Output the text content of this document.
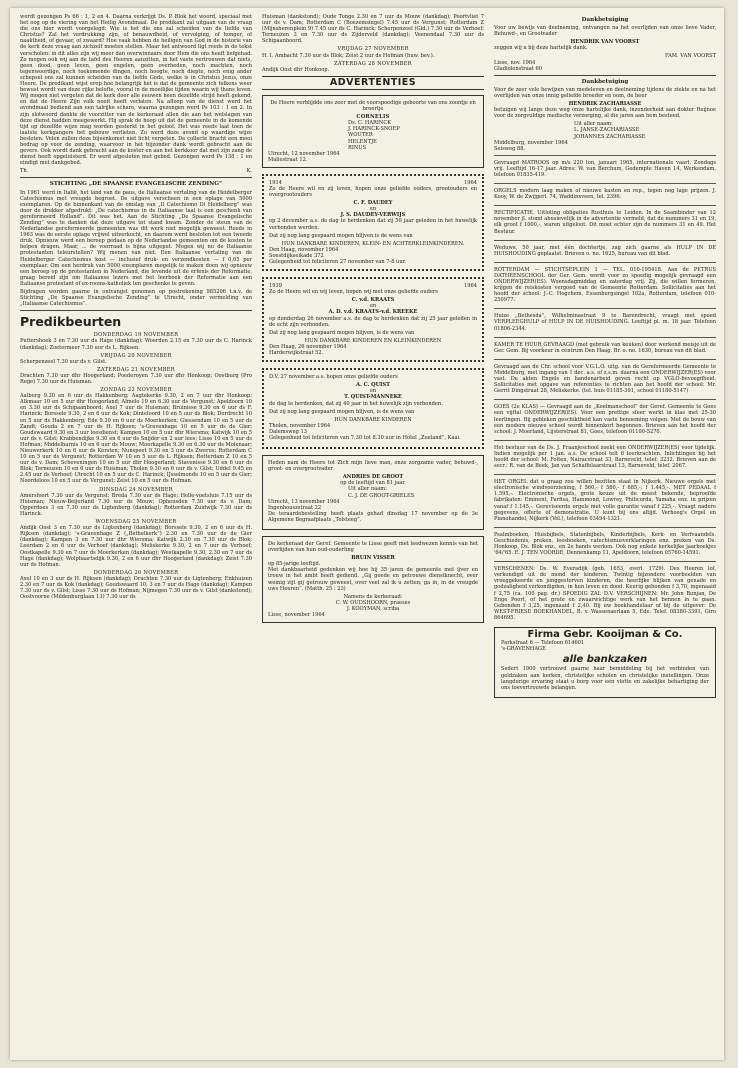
wordt gezongen Ps 66 : 1, 2 en 4. Daarna verkrijgt Ds. P. Blok het woord, speciaal met het oog op de viering van het Heilig Avondmaal. De predikant zal uitgaan van de vraag die ons hier wordt voorgelegd: Wie is het die ons zal scheiden van de liefde van Christus? Zal het verdrukking zijn, of benauwdheid, of vervolging, of honger, of naaktheid, of gevaar, of zwaard? Hoe vaak hebben de heiligen van God in de historie van de kerk deze vraag aan zichzelf moeten stellen. Maar het antwoord ligt reeds in de tekst verscholen: in dit alles zijn wij meer dan overwinnaars door Hem die ons heeft liefgehad. Zo mogen ook wij aan de tafel des Heeren aanzitten, in het vaste vertrouwen dat niets, geen dood, geen leven, geen engelen, geen overheden, noch machten, noch tegenwoordige, noch toekomende dingen, noch hoogte, noch diepte, noch enig ander schepsel ons zal kunnen scheiden van de liefde Gods, welke is in Christus Jezus, onze Heere. De predikant wijst erop hoe belangrijk het is dat de gemeente zich telkens weer bewust wordt van deze rijke belofte, vooral in de moeilijke tijden waarin wij thans leven. Wij mogen niet vergeten dat de kerk door alle eeuwen heen dezelfde strijd heeft gekend, en dat de Heere Zijn volk nooit heeft verlaten. Na afloop van de dienst werd het avondmaal bediend aan een talrijke schare, waarna gezongen werd Ps 103 : 1 en 2. In zijn slotwoord dankte de voorzitter van de kerkeraad allen die aan het welslagen van deze dienst hadden meegewerkt. Hij sprak de hoop uit dat de gemeente in de komende tijd op dezelfde wijze mag worden gesterkt in het geloof. Het was reeds laat toen de laatste kerkgangers het gebouw verlieten. Zo werd deze avond op waardige wijze besloten. Velen zullen deze bijeenkomst niet licht vergeten. De collecte bracht een mooi bedrag op voor de zending, waarvoor in het bijzonder dank wordt gebracht aan de gevers. Ook wordt dank gebracht aan de koster en aan het kerkkoor dat met zijn zang de dienst heeft opgeluisterd. Er werd afgesloten met gebed. Gezongen werd Ps 138 : 1 en eindigt met dankgebed.

Th.	K.
STICHTING „DE SPAANSE EVANGELISCHE ZENDING”

In 1961 werd in Italië, het land van de paus, de Italiaanse vertaling van de Heidelberger Catechismus met vreugde begroet. De uitgave verscheen in een oplage van 5000 exemplaren. Op de binnenkant van de omslag van „Il Catechismo Di Heidelberg” was door de drukker afgedrukt: „De catechismus in de Italiaanse taal is een geschenk van gereformeerd Holland”. Dit was het. Aan de Stichting „De Spaanse Evangelische Zending” was te danken dat deze uitgave tot stand kwam. Zonder de steun van de Nederlandse gereformeerde gemeenten was dit werk niet mogelijk geweest. Reeds in 1963 was de eerste oplage vrijwel uitverkocht, en daarom werd besloten tot een tweede druk. Opnieuw werd een beroep gedaan op de Nederlandse gemeenten om de kosten te helpen dragen. Maar, ... de voorraad is bijna uitgeput. Mogen wij nu de Italiaanse protestanten teleurstellen? Wij menen van niet. Een Italiaanse vertaling van de Heidelberger Catechismus kost — inclusief druk- en verzendkosten — f 0,65 per exemplaar. Om een herdruk van 5000 exemplaren mogelijk te maken doen wij opnieuw een beroep op de protestanten in Nederland, die levende uit de erfenis der Reformatie, graag bereid zijn om Italiaanse lezers met het leerboek der Reformatie aan een Italiaanse protestant of ex-rooms-katholiek ten geschenke te geven.

Bijdragen worden gaarne in ontvangst genomen op postrekening 985206 t.n.v. de Stichting „De Spaanse Evangelische Zending” te Utrecht, onder vermelding van „Italiaanse Catechismus”.

Predikbeurten
DONDERDAG 19 NOVEMBER

Puttershoek 3 en 7.30 uur ds Hage (dankdag); Woerden 2.15 en 7.30 uur ds C. Harinck (dankdag); Zoetermeer 7.30 uur ds L. Rijksen.

VRIJDAG 20 NOVEMBER

Scherpenzeel 7.30 uur ds v. Gilst.

ZATERDAG 21 NOVEMBER

Drachten 7.30 uur dhr Hoogerland; Poederoyen 7.30 uur dhr Honkoop; Oostburg (Pro Rege) 7.30 uur ds Huisman.

ZONDAG 22 NOVEMBER

Aalburg 9.30 en 6 uur ds Hakkenberg; Aagtekerke 9.30, 2 en 7 uur dhr Honkoop; Alkmaar 10 en 5 uur dhr Hoogerland; Almelo 10 en 6.30 uur ds Vergunst; Apeldoorn 10 en 3.30 uur ds Schipaanboord; Axel 7 uur ds Huisman; Bruinisse 9.30 en 6 uur ds F. Harinck; Borssele 9.30, 2 en 6 uur ds Kok; Dinteloord 10 en 5 uur ds Blok; Dordrecht 10 en 5 uur ds Hakkenberg; Ede 9.30 en 6 uur ds Moerkerken; Giessendam 10 en 5 uur ds Zandt; Gouda 2 en 7 uur ds H. Rijksen; 's-Gravenhage 10 en 5 uur ds de Gier; Goudswaard 9.30 en 3 uur leesdienst; Kampen 10 en 5 uur dhr Wiersma; Katwijk 10 en 5 uur ds v. Gilst; Krabbendijke 9.30 en 6 uur ds Snijder en 2 uur lees; Lisse 10 en 5 uur ds Hofman; Middelharnis 10 en 6 uur ds Mouw; Moerkapelle 9.30 en 6.30 uur ds Molenaar; Nieuwerkerk 10 en 6 uur ds Kersten; Nunspeet 9.30 en 3 uur ds Zwerus; Rotterdam C 10 en 5 uur ds Vergunst; Rotterdam W 10 en 5 uur ds L. Rijksen; Rotterdam Z 10 en 5 uur ds v. Dam; Scheveningen 10 en 5 uur dhr Hoogerland; Stavenisse 9.30 en 6 uur ds Blok; Terneuzen 10 en 6 uur ds Huisman; Tholen 9.30 en 6 uur ds v. Gilst; Uddel 9.45 en 2.45 uur ds Verhoef; Utrecht 10 en 5 uur ds C. Harinck; IJsselmonde 10 en 5 uur ds Gier; Noordeloos 10 en 5 uur ds Vergunst; Zeist 10 en 5 uur ds Hofman.

DINSDAG 24 NOVEMBER

Amersfoort 7.30 uur ds Vergunst; Breda 7.30 uur ds Hage; Helle-voetsluis 7.15 uur ds Huisman; Nieuw-Beijerland 7.30 uur ds Mouw; Opheusden 7.30 uur ds v. Dam; Opperdoes 3 en 7.30 uur ds Ligtenberg (dankdag); Rotterdam Zuidwijk 7.30 uur ds Harinck.

WOENSDAG 25 NOVEMBER

Andijk Oost 3 en 7.30 uur ds Ligtenberg (dankdag); Borssele 9.30, 2 en 6 uur ds H. Rijksen (dankdag); 's-Gravenhage Z („Bethelkerk”) 2.30 en 7.30 uur ds de Gier (dankdag); Kampen 3 en 7.30 uur dhr Wiersma; Katwijk 2.30 en 7.30 uur ds Blok; Leerdam 2 en 6 uur ds Verhoef (dankdag); Meliskerke 9.30, 2 en 7 uur ds Verhoef; Oostkapelle 9.30 en 7 uur ds Moerkerken (dankdag); Westkapelle 9.30, 2.30 en 7 uur ds Hage (dankdag); Wolphaartsdijk 9.30, 2 en 6 uur dhr Hoogerland (dankdag); Zeist 7.30 uur ds Hofman.

DONDERDAG 26 NOVEMBER

Axel 10 en 3 uur ds H. Rijksen (dankdag); Drachten 7.30 uur ds Ligtenberg; Enkhuizen 2.30 en 7 uur ds Kok (dankdag); Goudswaard 10, 3 en 7 uur ds Hage (dankdag); Kampen 7.30 uur ds v. Gilst; Lisse 7.30 uur ds Hofman; Nijmegen 7.30 uur ds v. Gilst (dankstond); Oostvoorne (Mildenburglaan 13) 7.30 uur ds

Huisman (dankstond); Oude Tonge 2.30 en 7 uur ds Mouw (dankdag); Poortvliet 7 uur ds v. Dam; Rotterdam C (Boezemsingel) 7.45 uur ds Vergunst; Rotterdam Z (Mijnsherenplein 9) 7.45 uur ds C. Harinck; Scherpenzeel (Gld.) 7.30 uur ds Verhoef; Terneuzen 3 en 7.30 uur ds Zijderveld (dankdag); Veenendaal 7.30 uur ds Schipaanboord.

VRIJDAG 27 NOVEMBER

H. I. Ambacht 7.30 uur ds Blok; Zeist 2 uur ds Hofman (huw. bev.).

ZATERDAG 28 NOVEMBER

Andijk Oost dhr Honkoop.

ADVERTENTIES

De Heere verblijdde ons zeer met de voorspoedige geboorte van ons zoontje en broertje

CORNELIS
Ds. C. HARINCK
J. HARINCK-SNOEP
WOUTER
HELENTJE
RINUS
Utrecht, 12 november 1964
Maliestraat 12.
1914	1964

Zo de Heere wil en zij leven, hopen onze geliefde ouders, grootouders en overgrootouders

C. F. DAUDEY
en
J. S. DAUDEY-VERWIJS

op 2 december a.s. de dag te herdenken dat zij 50 jaar geleden in het huwelijk verbonden werden.

Dat zij nog lang gespaard mogen blijven is de wens van

HUN DANKBARE KINDEREN, KLEIN- EN ACHTERKLEINKINDEREN.
Den Haag, november 1964
Soestdijkseikade 372
Gelegenheid tot feliciteren 27 november van 7-8 uur.
1939	1964

Zo de Heere wil en wij leven, hopen wij met onze geliefde ouders

C. v.d. KRAATS
en
A. D. v.d. KRAATS-v.d. KREEKE

op donderdag 26 november a.s. de dag te herdenken dat zij 25 jaar geleden in de echt zijn verbonden.

Dat zij nog lang gespaard mogen blijven, is de wens van

HUN DANKBARE KINDEREN EN KLEINKINDEREN
Den Haag, 26 november 1964
Harderwijkstraat 52.

D.V. 27 november a.s. hopen onze geliefde ouders

A. C. QUIST
en
T. QUIST-MANNEKE

de dag te herdenken, dat zij 40 jaar in het huwelijk zijn verbonden.

Dat zij nog lang gespaard mogen blijven, is de wens van

HUN DANKBARE KINDEREN
Tholen, november 1964
Dalemsweg 13

Gelegenheid tot feliciteren van 7.30 tot 8.30 uur in Hotel „Zeeland”, Kaai.

Heden nam de Heere tot Zich mijn lieve man, onze zorgzame vader, behuwd-, groot- en overgrootvader

ANDRIES DE GROOT
op de leeftijd van 81 jaar.
Uit aller naam:
C. J. DE GROOT-GRIELES
Utrecht, 13 november 1964
Ingenhouszstraat 22

De teraardebestelling heeft plaats gehad dinsdag 17 november op de 3e Algemene Begraafplaats „Tolsteeg”.

De kerkeraad der Geref. Gemeente te Lisse geeft met leedwezen kennis van het overlijden van hun oud-ouderling

BRUIN VISSER
op 85-jarige leeftijd.

Met dankbaarheid gedenken wij hoe hij 35 jaren de gemeente met ijver en trouw in het ambt heeft gediend. „Gij goede en getrouwe dienstknecht, over weinig zijt gij getrouw geweest, over veel zal ik u zetten; ga in, in de vreugde uws Heeren”. (Matth. 25 : 23)

Namens de kerkeraad:
C. W. OUDSHOORN, praeses
J. KOOYMAN, scriba
Lisse, november 1964
Dankbetuiging

Voor uw bewijs van deelneming, ontvangen na het overlijden van onze lieve Vader, Behuwd-, en Grootvader

HENDRIK VAN VOORST

zeggen wij u bij deze hartelijk dank.

FAM. VAN VOORST
Lisse, nov. 1964
Gladiolenstraat 60
Dankbetuiging

Voor de zeer vele bewijzen van medeleven en deelneming tijdens de ziekte en na het overlijden van onze innig geliefde broeder en oom, de heer

HENDRIK ZACHARIASSE

betuigen wij langs deze weg onze hartelijke dank, inzonderheid aan dokter Reijnoe voor de zorgvuldige medische verzorging, al die jaren aan hem besteed.

Uit aller naam:
L. JANSE-ZACHARIASSE
JOHANNES ZACHARIASSE
Middelburg, november 1964
Seisweg 88.
Gevraagd MATROOS op m/s 220 ton, januari 1965, internationale vaart. Zondags vrij. Leeftijd 16-17 jaar. Adres: W. van Berchum, Gedempte Haven 14, Werkendam, telefoon 01835-419.
ORGELS modern laag maken of nieuwe kasten en rep., tegen nog lage prijzen. J. Kooy, W. de Zwijgerl. 74, Waddinxveen, tel. 2396.
RECTIFICATIE. Uitloting obligaties Rusthuis te Leiden. In de Saambinder van 12 november jl. stond abusievelijk in de advertentie vermeld, dat de nummers 31 en 19, elk groot f 1000,-, waren uitgeloot. Dit moet echter zijn de nummers 31 en 49. Het Bestuur.
Weduwe, 50 jaar, met één dochtertje, zag zich gaarne als HULP IN DE HUISHOUDING geplaatst. Brieven o. no. 1625, bureau van dit blad.
ROTTERDAM — STICHTSEPLEIN 1 — TEL. 010-195418. Aan de PETRUS DATHEENSCHOOL der Ger. Gem. wordt voor zo spoedig mogelijk gevraagd een ONDERWIJZER(ES). Woensdagmiddag en zaterdag vrij. Zij, die willen formeren, krijgen de reiskosten vergoed van de Gemeente Rotterdam. Sollicitaties aan het hoofd der school: J.-C. Hogchem, Essenburgsingel 102a, Rotterdam, telefoon 010-250977.
Huize „Bethesda”, Wilhelminastraat 9 te Barendrecht, vraagt met spoed VERPLEEGHULP of HULP IN DE HUISHOUDING. Leeftijd pl. m. 18 jaar. Telefoon 01806-2344.
KAMER TE HUUR GEVRAAGD (met gebruik van keuken) door werkend meisje uit de Ger. Gem. Bij voorkeur in centrum Den Haag. Br. o. no. 1630, bureau van dit blad.
Gevraagd aan de Chr. school voor V.G.L.O. uitg. van de Gereformeerde Gemeente te Middelburg, met ingang van 1 dec. a.s. of z.s.m. daarna een ONDERWIJZER(ES) voor vast. De akten Engels en handenarbeid geven recht op VGLO-bevoegdheid. Sollicitaties met opgave van referenties te richten aan het hoofd der school: Mr. Gerrit Dingstraat 28, Meliskerke. (tel. huis 01185-391, school 01180-5147)
GOES (2e KLAS) — Gevraagd aan de „Koelmanschool” der Geref. Gemeente te Goes een vijftal ONDERWIJZER(ES). Voor een prettige sfeer werkt in klas met 25-30 leerlingen. Bij gebleken geschiktheid kan vaste benoeming volgen. Met de bouw van een modern nieuwe school wordt binnenkort begonnen. Brieven aan het hoofd der school: J. Moerland, Lijsterstraat 81, Goes, telefoon 01100-5270.
Het bestuur van de Ds. J. Fraanjeschool zoekt een ONDERWIJZER(ES) voor tijdelijk. Indien mogelijk per 1 jan. a.s. De school telt 8 leerkrachten. Inlichtingen bij het hoofd der school: M. Folten, Nairacstraat 33, Barneveld, telef. 3232. Brieven aan de secr.: R. van de Beek, Jan van Schaffelaarstraat 13, Barneveld, telef. 2067.
HET ORGEL dat u graag zou willen bezitten staat in Nijkerk. Nieuwe orgels met electronische windvoorziening, f 560,- f 580,- f 685,-; f 1.445,-. MET PEDAAL f 1.595,-. Electronische orgels, grote keuze uit de meest bekende, beproefde fabrikaten: Eminent, Farfisa, Hammond, Lowrey, Philicorda, Yamaha enz. in prijzen vanaf f 1.145,-. Gereviseerde orgels met volle garantie vanaf f 225,-. Vraagt nadere gegevens, offerte of demonstratie. U kunt bij ons altijd. Verhoog's Orgel en Pianohandel, Nijkerk (Vel.), telefoon 03494-1321.
Psalmboeken, Huisbijbels, Statenbijbels, Kinderbijbels, Kerk- en Verfvaandels. Geschiedenis, preken, leesboeken, catechismusverklaringen enz. preken van Ds. Honkoop, Ds. Blok enz., en 2e hands werken. Ook nog enkele kerkelijke jaarboekjes '64/'65. E. J. TEN VOORDE, Dennenkamp 11, Apeldoorn, telefoon 05760-14591.
VERSCHENEN: Ds. W. Everadijk (geb. 1653, overl. 1729). Des Heeren lof, verkondigd uit de mond der kinderen. Twintig bijzondere voorbeelden van vroeggekeerde en jonggestorven kinderen, die heerlijke blijken van genade en godzaligheid verkondigden, in hun leven en dood. Keurig gebonden f 3,70, ingenaaid f 2,75 (ca. 100 pag. dr.) SPOEDIG ZAL D.V. VERSCHIJNEN: Mr. John Bunjan, De Enge Poort, of het grote en zwaarwichtige werk van het bennen in te gaan. Gebonden f 3,25, ingenaaid f 2,40. Bij uw boekhandelaar of bij de uitgever: De WEST-FRIESE BOEKHANDEL, B. v. Wassenaerlaan 5, Ede. Telef. 08380-3391, Giro 864695.
Firma Gebr. Kooijman & Co.
Parkstraat 6 — Telefoon 614601
's-GRAVENHAGE
alle bankzaken

Sedert 1900 vertrouwd gaarne haar bemiddeling bij het verbinden van geldzaken aan kerken, christelijke scholen en christelijke instellingen. Onze langdurige ervaring staat u borg voor een vlotte en zakelijke behartiging der ons toevertrouwde belangen.
